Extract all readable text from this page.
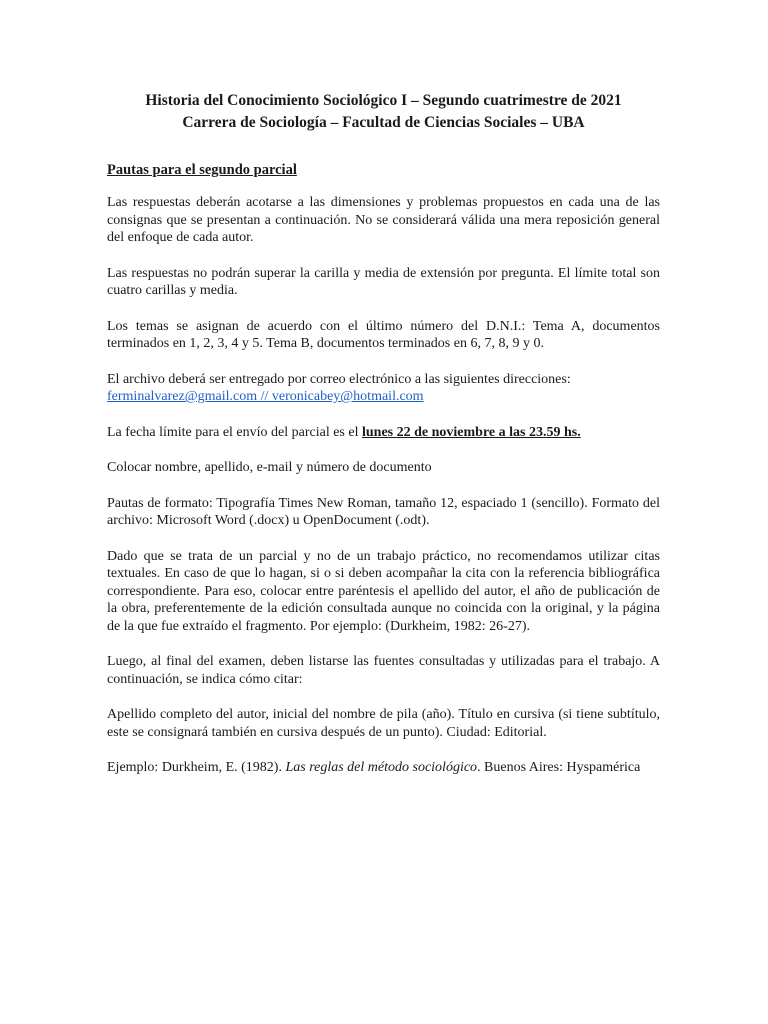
Historia del Conocimiento Sociológico I – Segundo cuatrimestre de 2021
Carrera de Sociología – Facultad de Ciencias Sociales – UBA
Pautas para el segundo parcial

Las respuestas deberán acotarse a las dimensiones y problemas propuestos en cada una de las consignas que se presentan a continuación. No se considerará válida una mera reposición general del enfoque de cada autor.

Las respuestas no podrán superar la carilla y media de extensión por pregunta. El límite total son cuatro carillas y media.

Los temas se asignan de acuerdo con el último número del D.N.I.: Tema A, documentos terminados en 1, 2, 3, 4 y 5. Tema B, documentos terminados en 6, 7, 8, 9 y 0.

El archivo deberá ser entregado por correo electrónico a las siguientes direcciones:
ferminalvarez@gmail.com // veronicabey@hotmail.com

La fecha límite para el envío del parcial es el lunes 22 de noviembre a las 23.59 hs.

Colocar nombre, apellido, e-mail y número de documento

Pautas de formato: Tipografía Times New Roman, tamaño 12, espaciado 1 (sencillo). Formato del archivo: Microsoft Word (.docx) u OpenDocument (.odt).

Dado que se trata de un parcial y no de un trabajo práctico, no recomendamos utilizar citas textuales. En caso de que lo hagan, si o si deben acompañar la cita con la referencia bibliográfica correspondiente. Para eso, colocar entre paréntesis el apellido del autor, el año de publicación de la obra, preferentemente de la edición consultada aunque no coincida con la original, y la página de la que fue extraído el fragmento. Por ejemplo: (Durkheim, 1982: 26-27).

Luego, al final del examen, deben listarse las fuentes consultadas y utilizadas para el trabajo. A continuación, se indica cómo citar:

Apellido completo del autor, inicial del nombre de pila (año). Título en cursiva (si tiene subtítulo, este se consignará también en cursiva después de un punto). Ciudad: Editorial.

Ejemplo: Durkheim, E. (1982). Las reglas del método sociológico. Buenos Aires: Hyspamérica
